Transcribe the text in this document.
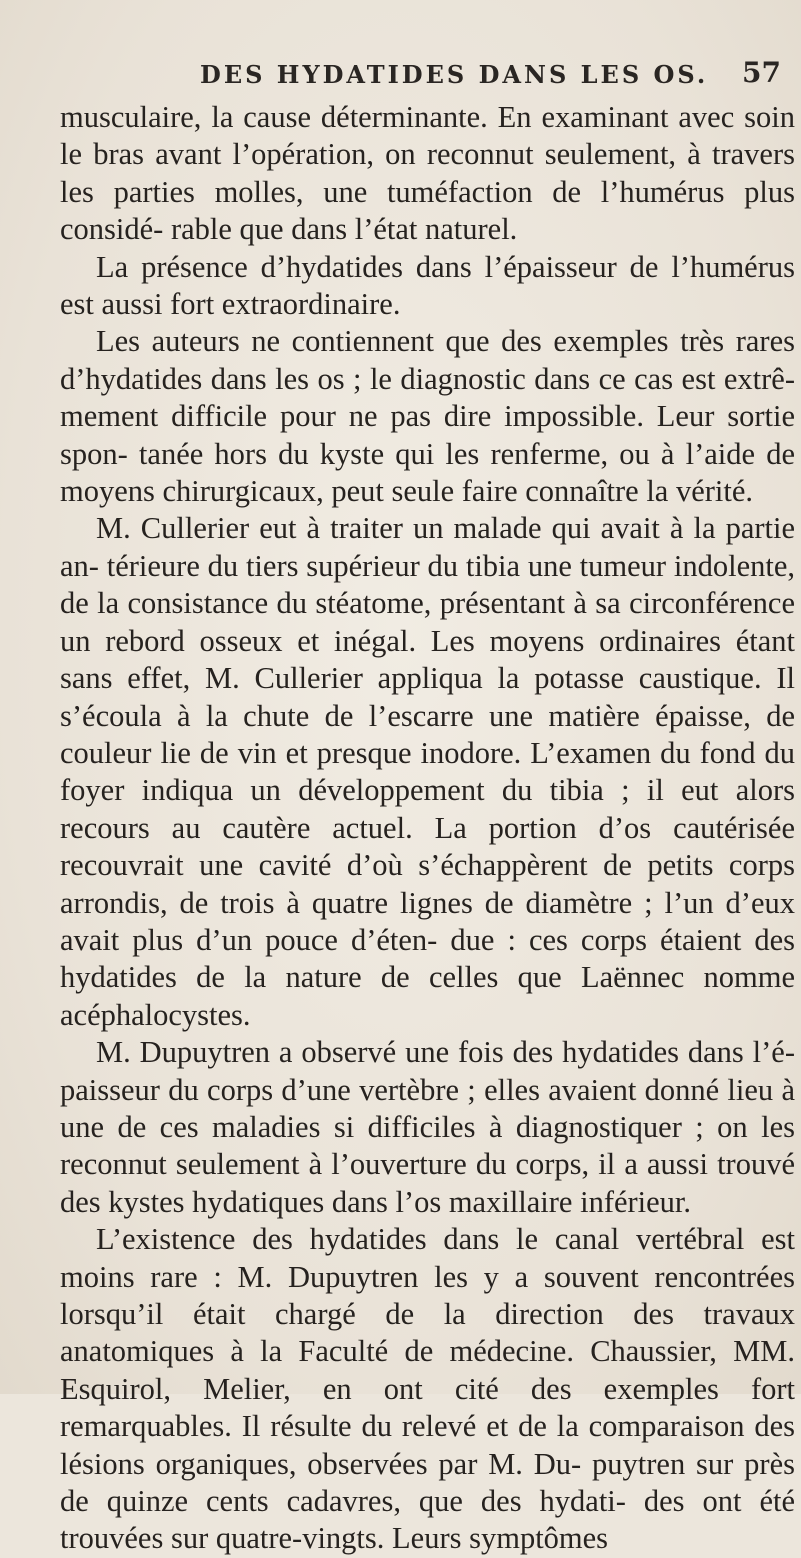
DES HYDATIDES DANS LES OS. 57

musculaire, la cause déterminante. En examinant avec soin le bras avant l’opération, on reconnut seulement, à travers les parties molles, une tuméfaction de l’humérus plus considé- rable que dans l’état naturel.

La présence d’hydatides dans l’épaisseur de l’humérus est aussi fort extraordinaire.

Les auteurs ne contiennent que des exemples très rares d’hydatides dans les os ; le diagnostic dans ce cas est extrê- mement difficile pour ne pas dire impossible. Leur sortie spon- tanée hors du kyste qui les renferme, ou à l’aide de moyens chirurgicaux, peut seule faire connaître la vérité.

M. Cullerier eut à traiter un malade qui avait à la partie an- térieure du tiers supérieur du tibia une tumeur indolente, de la consistance du stéatome, présentant à sa circonférence un rebord osseux et inégal. Les moyens ordinaires étant sans effet, M. Cullerier appliqua la potasse caustique. Il s’écoula à la chute de l’escarre une matière épaisse, de couleur lie de vin et presque inodore. L’examen du fond du foyer indiqua un développement du tibia ; il eut alors recours au cautère actuel. La portion d’os cautérisée recouvrait une cavité d’où s’échappèrent de petits corps arrondis, de trois à quatre lignes de diamètre ; l’un d’eux avait plus d’un pouce d’éten- due : ces corps étaient des hydatides de la nature de celles que Laënnec nomme acéphalocystes.

M. Dupuytren a observé une fois des hydatides dans l’é- paisseur du corps d’une vertèbre ; elles avaient donné lieu à une de ces maladies si difficiles à diagnostiquer ; on les reconnut seulement à l’ouverture du corps, il a aussi trouvé des kystes hydatiques dans l’os maxillaire inférieur.

L’existence des hydatides dans le canal vertébral est moins rare : M. Dupuytren les y a souvent rencontrées lorsqu’il était chargé de la direction des travaux anatomiques à la Faculté de médecine. Chaussier, MM. Esquirol, Melier, en ont cité des exemples fort remarquables. Il résulte du relevé et de la comparaison des lésions organiques, observées par M. Du- puytren sur près de quinze cents cadavres, que des hydati- des ont été trouvées sur quatre-vingts. Leurs symptômes
